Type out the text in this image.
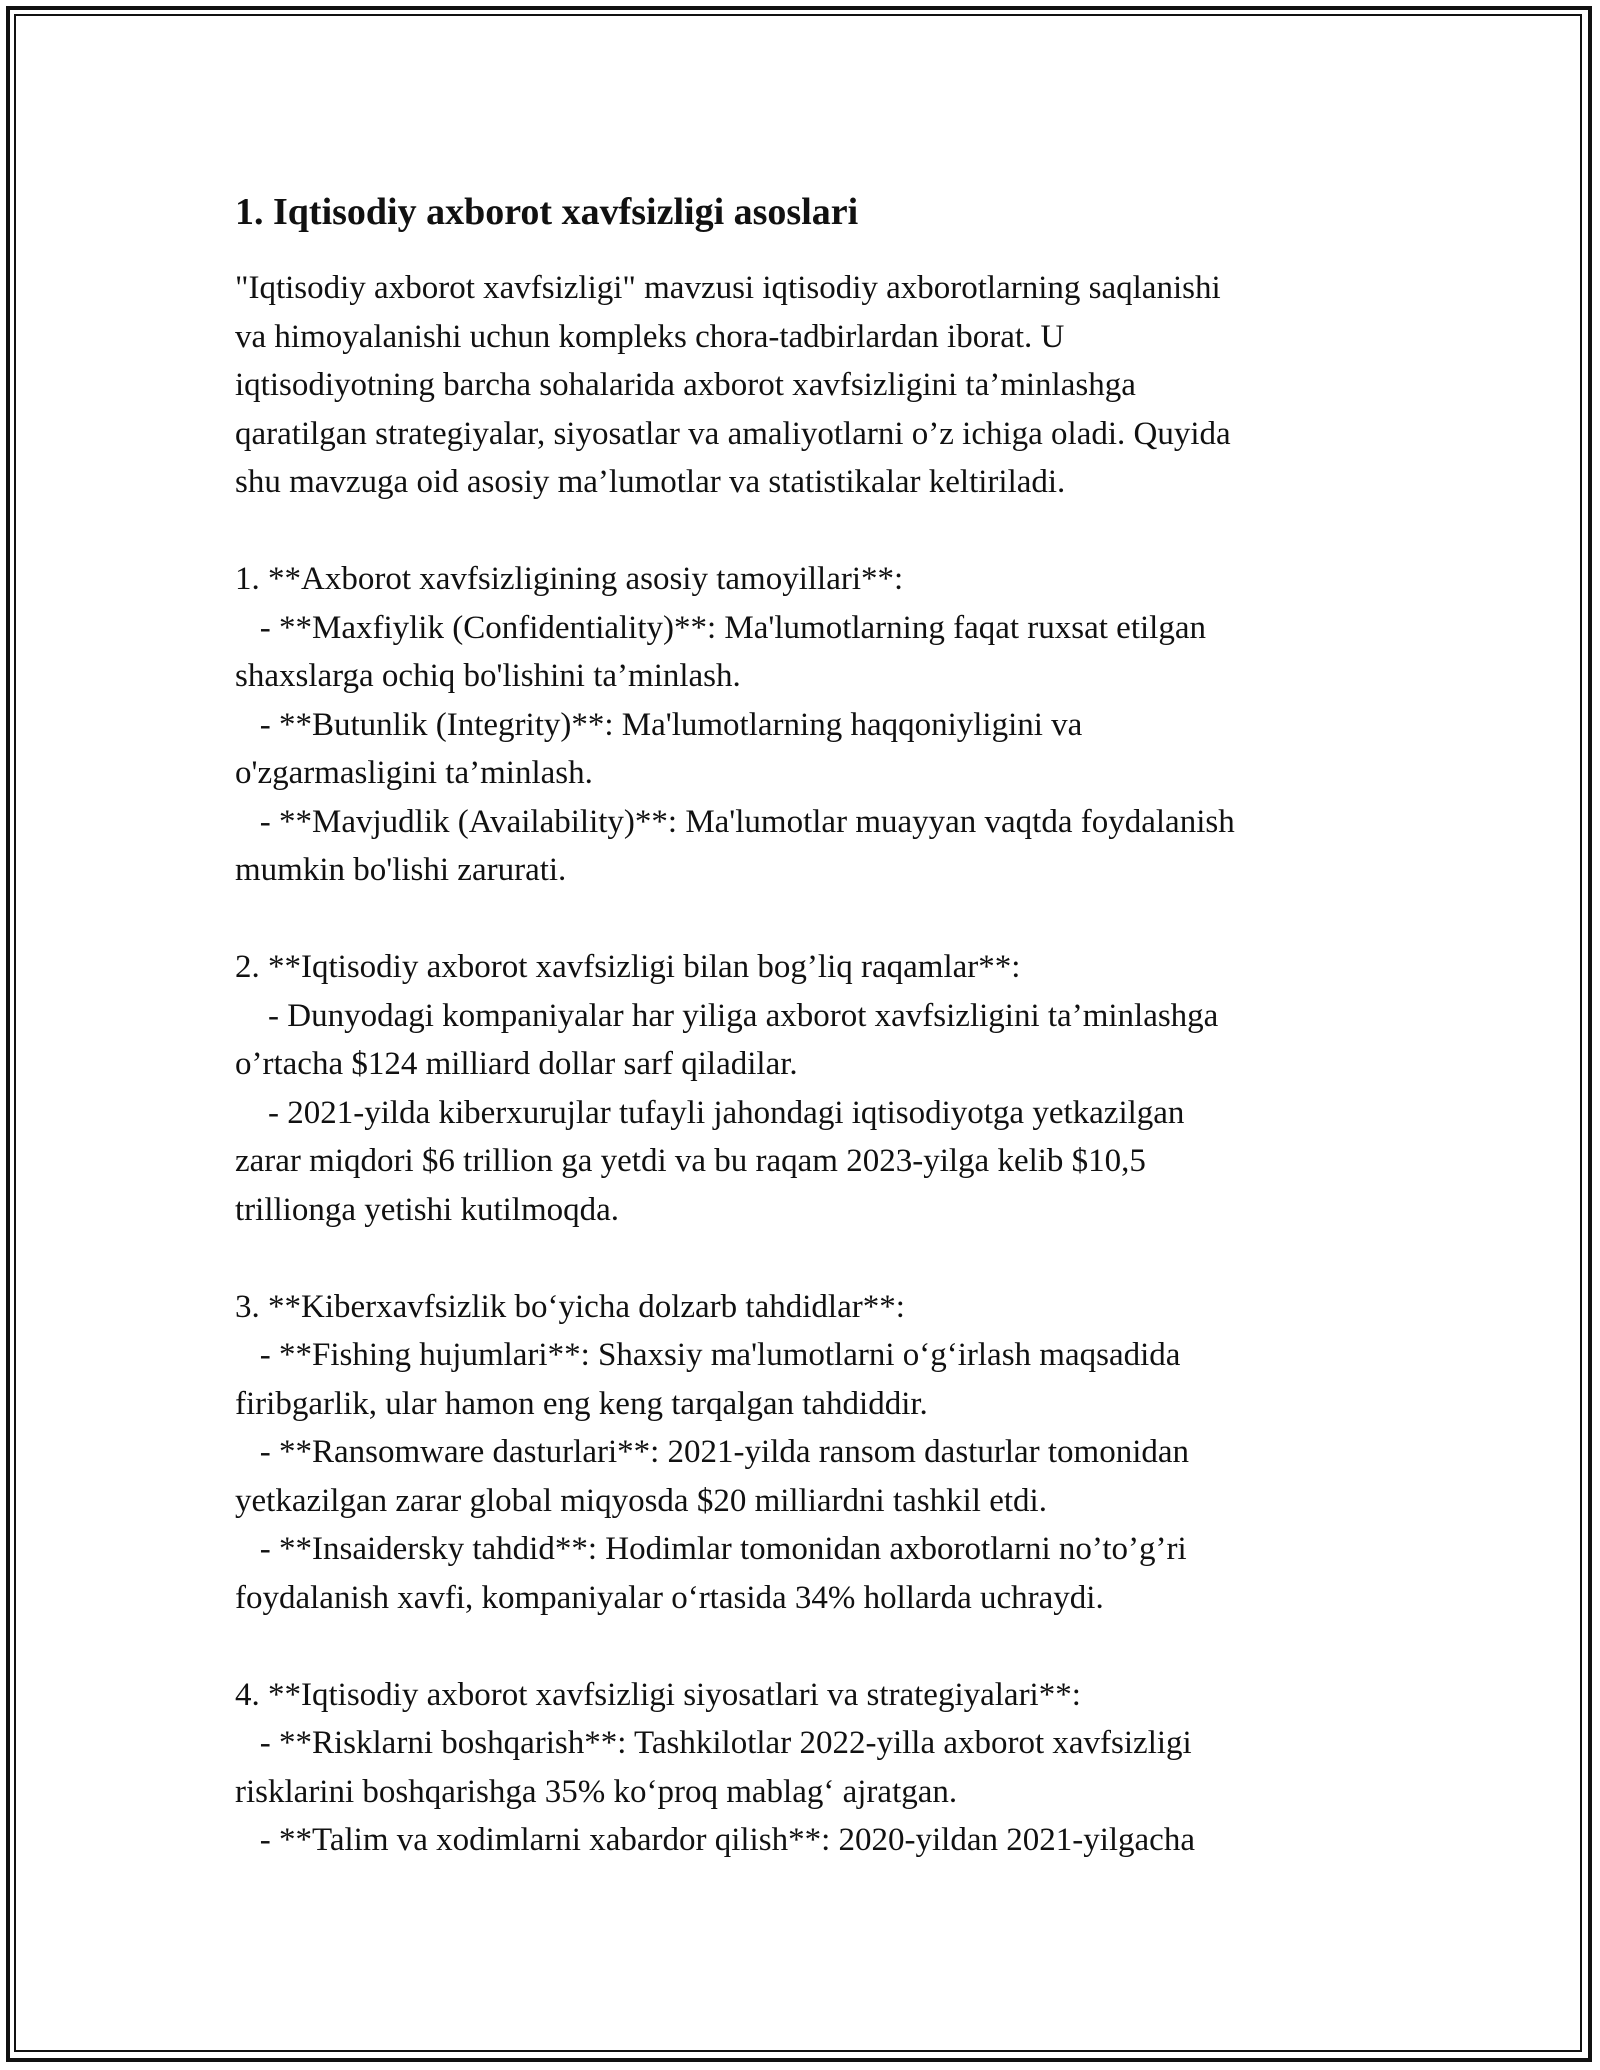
1. Iqtisodiy axborot xavfsizligi asoslari

"Iqtisodiy axborot xavfsizligi" mavzusi iqtisodiy axborotlarning saqlanishi
va himoyalanishi uchun kompleks chora-tadbirlardan iborat. U
iqtisodiyotning barcha sohalarida axborot xavfsizligini ta’minlashga
qaratilgan strategiyalar, siyosatlar va amaliyotlarni o’z ichiga oladi. Quyida
shu mavzuga oid asosiy ma’lumotlar va statistikalar keltiriladi.

1. **Axborot xavfsizligining asosiy tamoyillari**:
- **Maxfiylik (Confidentiality)**: Ma'lumotlarning faqat ruxsat etilgan
shaxslarga ochiq bo'lishini ta’minlash.
- **Butunlik (Integrity)**: Ma'lumotlarning haqqoniyligini va
o'zgarmasligini ta’minlash.
- **Mavjudlik (Availability)**: Ma'lumotlar muayyan vaqtda foydalanish
mumkin bo'lishi zarurati.

2. **Iqtisodiy axborot xavfsizligi bilan bog’liq raqamlar**:
- Dunyodagi kompaniyalar har yiliga axborot xavfsizligini ta’minlashga
o’rtacha $124 milliard dollar sarf qiladilar.
- 2021-yilda kiberxurujlar tufayli jahondagi iqtisodiyotga yetkazilgan
zarar miqdori $6 trillion ga yetdi va bu raqam 2023-yilga kelib $10,5
trillionga yetishi kutilmoqda.

3. **Kiberxavfsizlik bo‘yicha dolzarb tahdidlar**:
- **Fishing hujumlari**: Shaxsiy ma'lumotlarni o‘g‘irlash maqsadida
firibgarlik, ular hamon eng keng tarqalgan tahdiddir.
- **Ransomware dasturlari**: 2021-yilda ransom dasturlar tomonidan
yetkazilgan zarar global miqyosda $20 milliardni tashkil etdi.
- **Insaidersky tahdid**: Hodimlar tomonidan axborotlarni no’to’g’ri
foydalanish xavfi, kompaniyalar o‘rtasida 34% hollarda uchraydi.

4. **Iqtisodiy axborot xavfsizligi siyosatlari va strategiyalari**:
- **Risklarni boshqarish**: Tashkilotlar 2022-yilla axborot xavfsizligi
risklarini boshqarishga 35% ko‘proq mablag‘ ajratgan.
- **Talim va xodimlarni xabardor qilish**: 2020-yildan 2021-yilgacha
